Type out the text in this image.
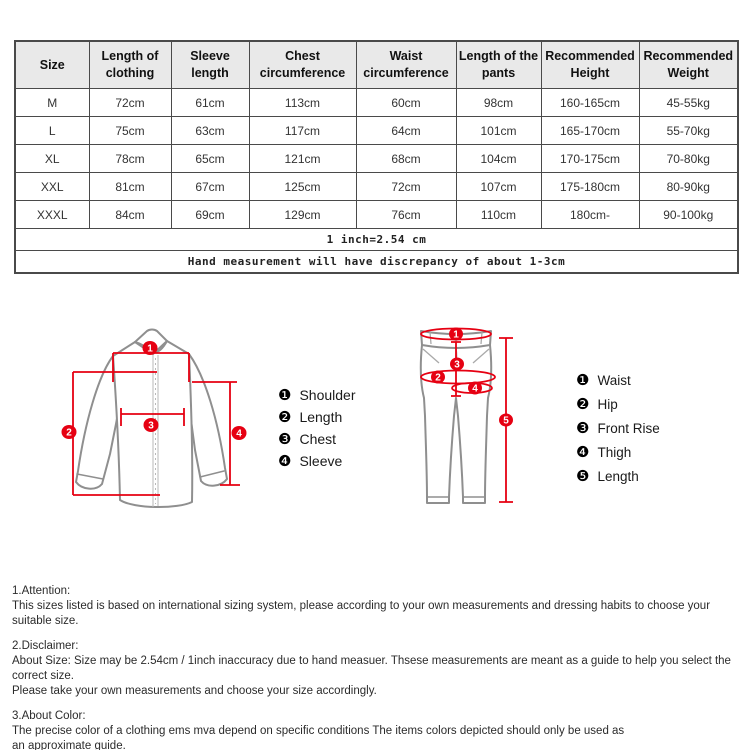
Size	Length of clothing	Sleeve length	Chest circumference	Waist circumference	Length of the pants	Recommended Height	Recommended Weight
M	72cm	61cm	113cm	60cm	98cm	160-165cm	45-55kg
L	75cm	63cm	117cm	64cm	101cm	165-170cm	55-70kg
XL	78cm	65cm	121cm	68cm	104cm	170-175cm	70-80kg
XXL	81cm	67cm	125cm	72cm	107cm	175-180cm	80-90kg
XXXL	84cm	69cm	129cm	76cm	110cm	180cm-	90-100kg
1 inch=2.54 cm							
Hand measurement will have discrepancy of about 1-3cm							
1
2
3
4
❶ Shoulder
❷ Length
❸ Chest
❹ Sleeve
1
2
3
4
5
❶ Waist
❷ Hip
❸ Front Rise
❹ Thigh
❺ Length
1.Attention:
This sizes listed is based on international sizing system, please according to your own measurements and dressing habits to choose your suitable size.
2.Disclaimer:
About Size: Size may be 2.54cm / 1inch inaccuracy due to hand measuer. Thsese measurements are meant as a guide to help you select the correct size.
Please take your own measurements and choose your size accordingly.
3.About Color:
The precise color of a clothing ems mva depend on specific conditions The items colors depicted should only be used as
an approximate guide.
